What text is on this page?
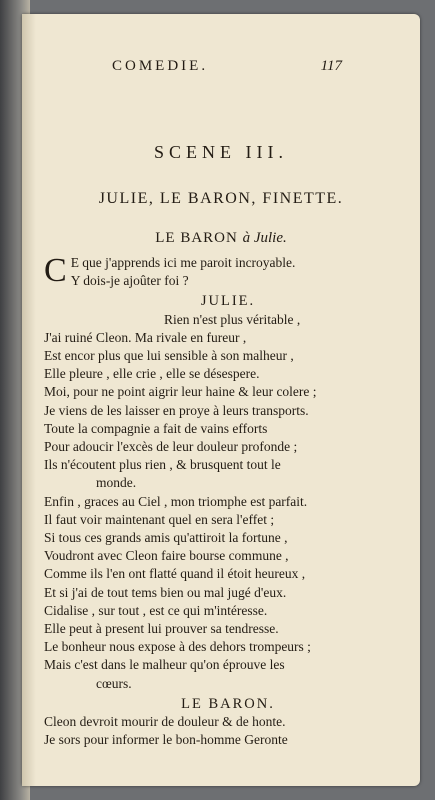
COMEDIE.	117
SCENE III.
JULIE, LE BARON, FINETTE.
LE BARON à Julie.

C E que j'apprends ici me paroit incroyable.

Y dois-je ajoûter foi ?

JULIE.

Rien n'est plus véritable ,

J'ai ruiné Cleon. Ma rivale en fureur ,

Est encor plus que lui sensible à son malheur ,

Elle pleure , elle crie , elle se désespere.

Moi, pour ne point aigrir leur haine & leur colere ;

Je viens de les laisser en proye à leurs transports.

Toute la compagnie a fait de vains efforts

Pour adoucir l'excès de leur douleur profonde ;

Ils n'écoutent plus rien , & brusquent tout le

monde.

Enfin , graces au Ciel , mon triomphe est parfait.

Il faut voir maintenant quel en sera l'effet ;

Si tous ces grands amis qu'attiroit la fortune ,

Voudront avec Cleon faire bourse commune ,

Comme ils l'en ont flatté quand il étoit heureux ,

Et si j'ai de tout tems bien ou mal jugé d'eux.

Cidalise , sur tout , est ce qui m'intéresse.

Elle peut à present lui prouver sa tendresse.

Le bonheur nous expose à des dehors trompeurs ;

Mais c'est dans le malheur qu'on éprouve les

cœurs.

LE BARON.

Cleon devroit mourir de douleur & de honte.

Je sors pour informer le bon-homme Geronte
